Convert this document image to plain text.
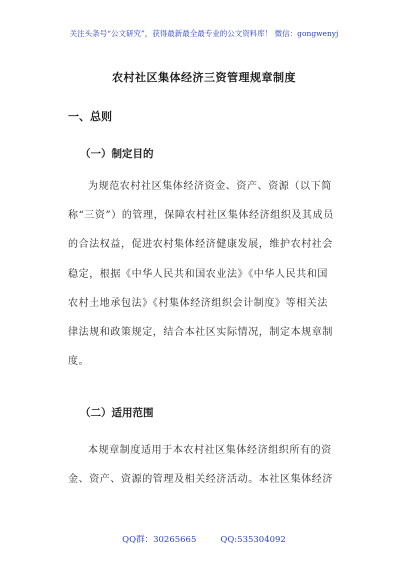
关注头条号“公文研究”，获得最新最全最专业的公文资料库！ 微信：gongwenyj
农村社区集体经济三资管理规章制度
一、总则
（一）制定目的
为规范农村社区集体经济资金、资产、资源（以下简
称“三资”）的管理，保障农村社区集体经济组织及其成员
的合法权益，促进农村集体经济健康发展，维护农村社会
稳定，根据《中华人民共和国农业法》《中华人民共和国
农村土地承包法》《村集体经济组织会计制度》等相关法
律法规和政策规定，结合本社区实际情况，制定本规章制
度。
（二）适用范围
本规章制度适用于本农村社区集体经济组织所有的资
金、资产、资源的管理及相关经济活动。本社区集体经济
QQ群：30265665	QQ:535304092
